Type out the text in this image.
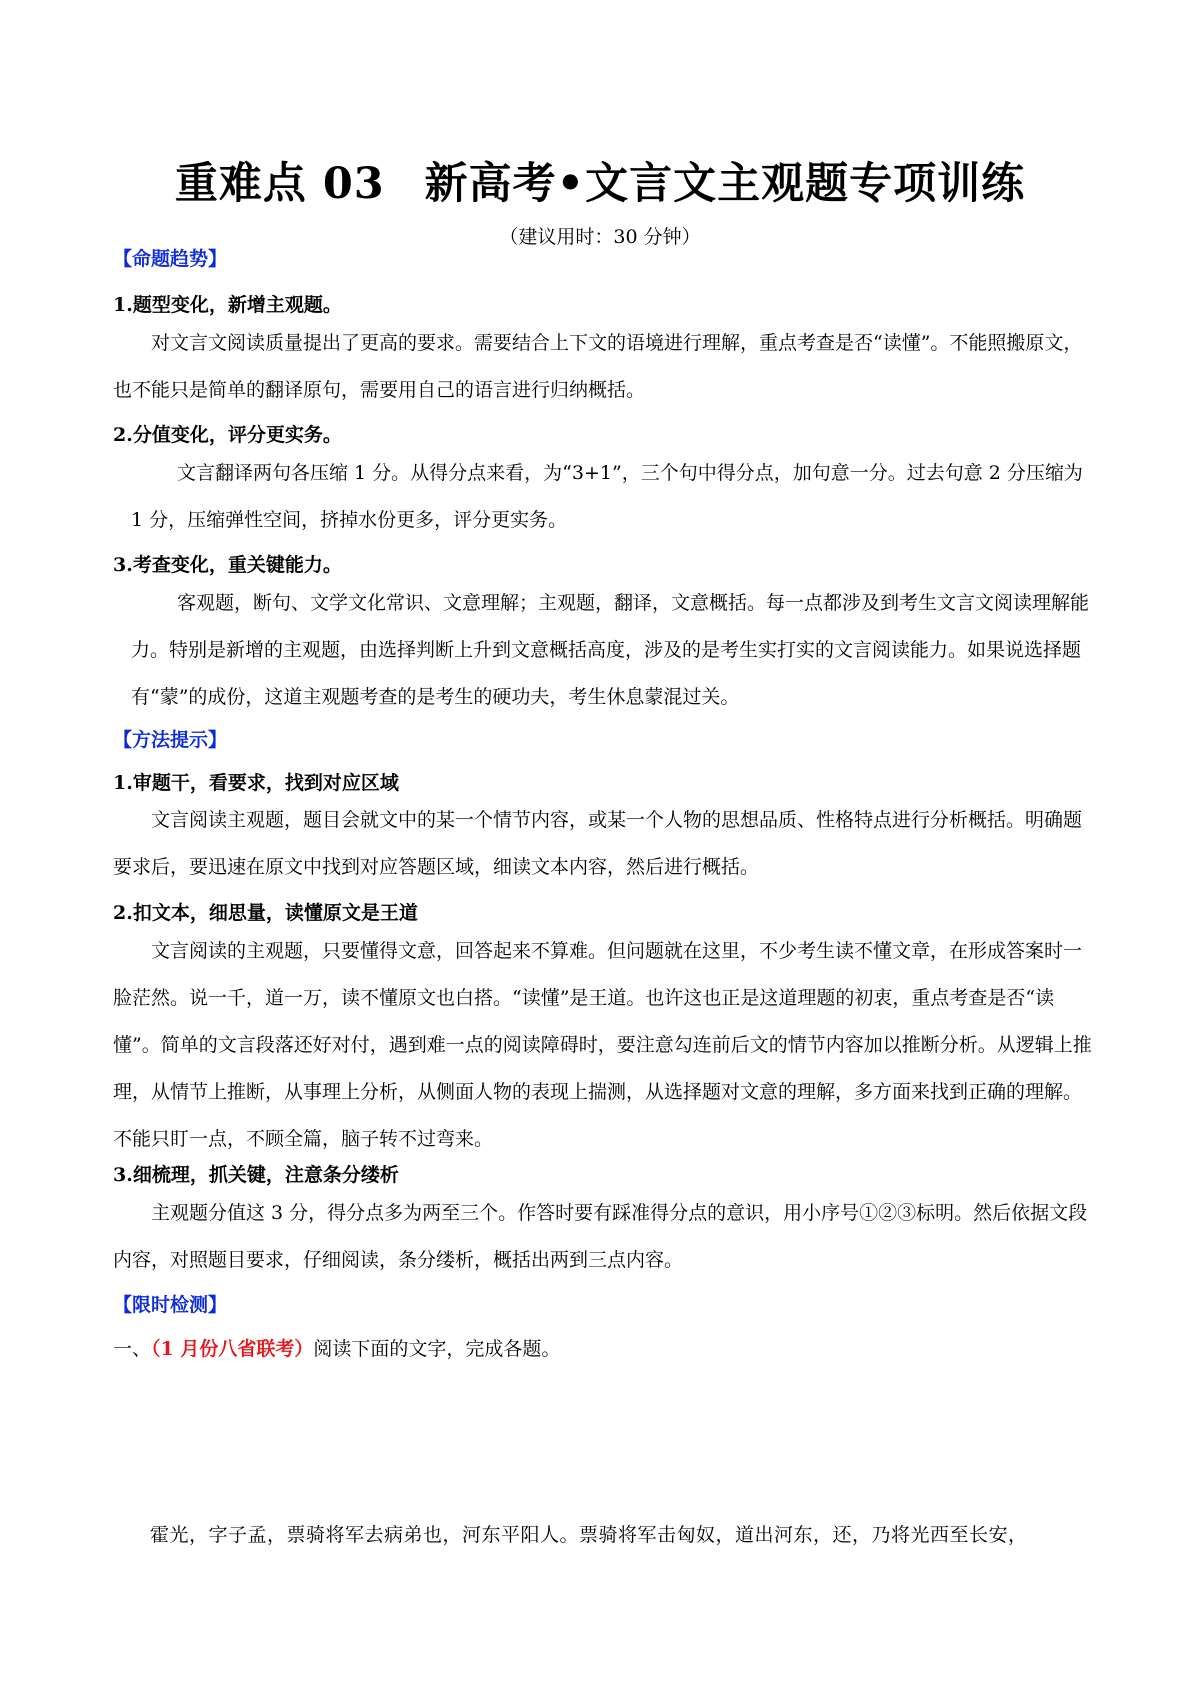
重难点 03 新高考•文言文主观题专项训练
（建议用时：30 分钟）
【命题趋势】
1.题型变化，新增主观题。
对文言文阅读质量提出了更高的要求。需要结合上下文的语境进行理解，重点考查是否“读懂”。不能照搬原文，也不能只是简单的翻译原句，需要用自己的语言进行归纳概括。
2.分值变化，评分更实务。
文言翻译两句各压缩 1 分。从得分点来看，为“3+1”，三个句中得分点，加句意一分。过去句意 2 分压缩为 1 分，压缩弹性空间，挤掉水份更多，评分更实务。
3.考查变化，重关键能力。
客观题，断句、文学文化常识、文意理解；主观题，翻译，文意概括。每一点都涉及到考生文言文阅读理解能力。特别是新增的主观题，由选择判断上升到文意概括高度，涉及的是考生实打实的文言阅读能力。如果说选择题有“蒙”的成份，这道主观题考查的是考生的硬功夫，考生休息蒙混过关。
【方法提示】
1.审题干，看要求，找到对应区域
文言阅读主观题，题目会就文中的某一个情节内容，或某一个人物的思想品质、性格特点进行分析概括。明确题要求后，要迅速在原文中找到对应答题区域，细读文本内容，然后进行概括。
2.扣文本，细思量，读懂原文是王道
文言阅读的主观题，只要懂得文意，回答起来不算难。但问题就在这里，不少考生读不懂文章，在形成答案时一脸茫然。说一千，道一万，读不懂原文也白搭。“读懂”是王道。也许这也正是这道理题的初衷，重点考查是否“读懂”。简单的文言段落还好对付，遇到难一点的阅读障碍时，要注意勾连前后文的情节内容加以推断分析。从逻辑上推理，从情节上推断，从事理上分析，从侧面人物的表现上揣测，从选择题对文意的理解，多方面来找到正确的理解。不能只盯一点，不顾全篇，脑子转不过弯来。
3.细梳理，抓关键，注意条分缕析
主观题分值这 3 分，得分点多为两至三个。作答时要有踩准得分点的意识，用小序号①②③标明。然后依据文段内容，对照题目要求，仔细阅读，条分缕析，概括出两到三点内容。
【限时检测】
一、（1 月份八省联考）阅读下面的文字，完成各题。
霍光，字子孟，票骑将军去病弟也，河东平阳人。票骑将军击匈奴，道出河东，还，乃将光西至长安，
